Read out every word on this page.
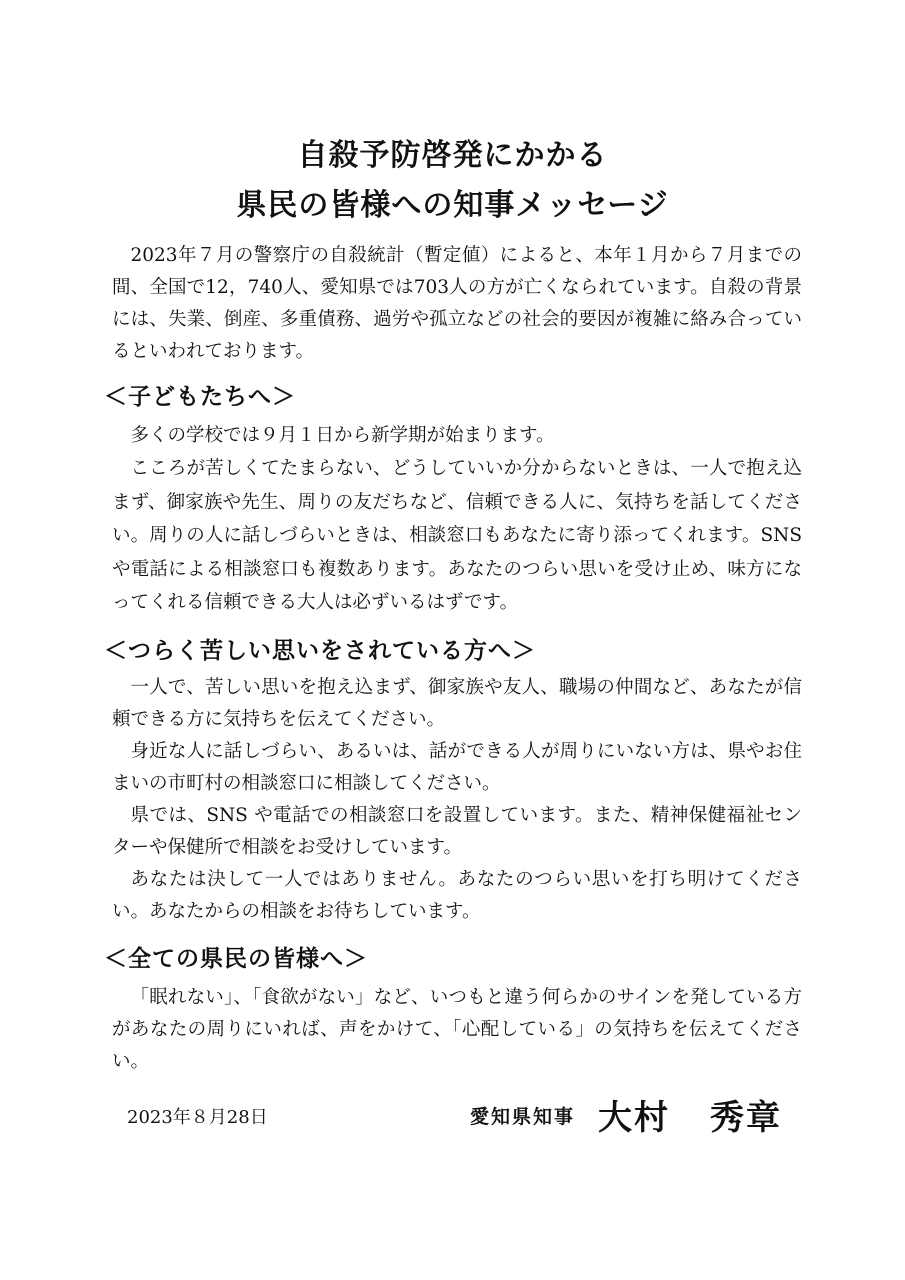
自殺予防啓発にかかる
県民の皆様への知事メッセージ

2023年７月の警察庁の自殺統計（暫定値）によると、本年１月から７月までの間、全国で12，740人、愛知県では703人の方が亡くなられています。自殺の背景には、失業、倒産、多重債務、過労や孤立などの社会的要因が複雑に絡み合っているといわれております。

＜子どもたちへ＞

多くの学校では９月１日から新学期が始まります。

こころが苦しくてたまらない、どうしていいか分からないときは、一人で抱え込まず、御家族や先生、周りの友だちなど、信頼できる人に、気持ちを話してください。周りの人に話しづらいときは、相談窓口もあなたに寄り添ってくれます。SNS や電話による相談窓口も複数あります。あなたのつらい思いを受け止め、味方になってくれる信頼できる大人は必ずいるはずです。

＜つらく苦しい思いをされている方へ＞

一人で、苦しい思いを抱え込まず、御家族や友人、職場の仲間など、あなたが信頼できる方に気持ちを伝えてください。

身近な人に話しづらい、あるいは、話ができる人が周りにいない方は、県やお住まいの市町村の相談窓口に相談してください。

県では、SNS や電話での相談窓口を設置しています。また、精神保健福祉センターや保健所で相談をお受けしています。

あなたは決して一人ではありません。あなたのつらい思いを打ち明けてください。あなたからの相談をお待ちしています。

＜全ての県民の皆様へ＞

「眠れない」、「食欲がない」など、いつもと違う何らかのサインを発している方があなたの周りにいれば、声をかけて、「心配している」の気持ちを伝えてください。

2023年８月28日	愛知県知事 大村 秀章
